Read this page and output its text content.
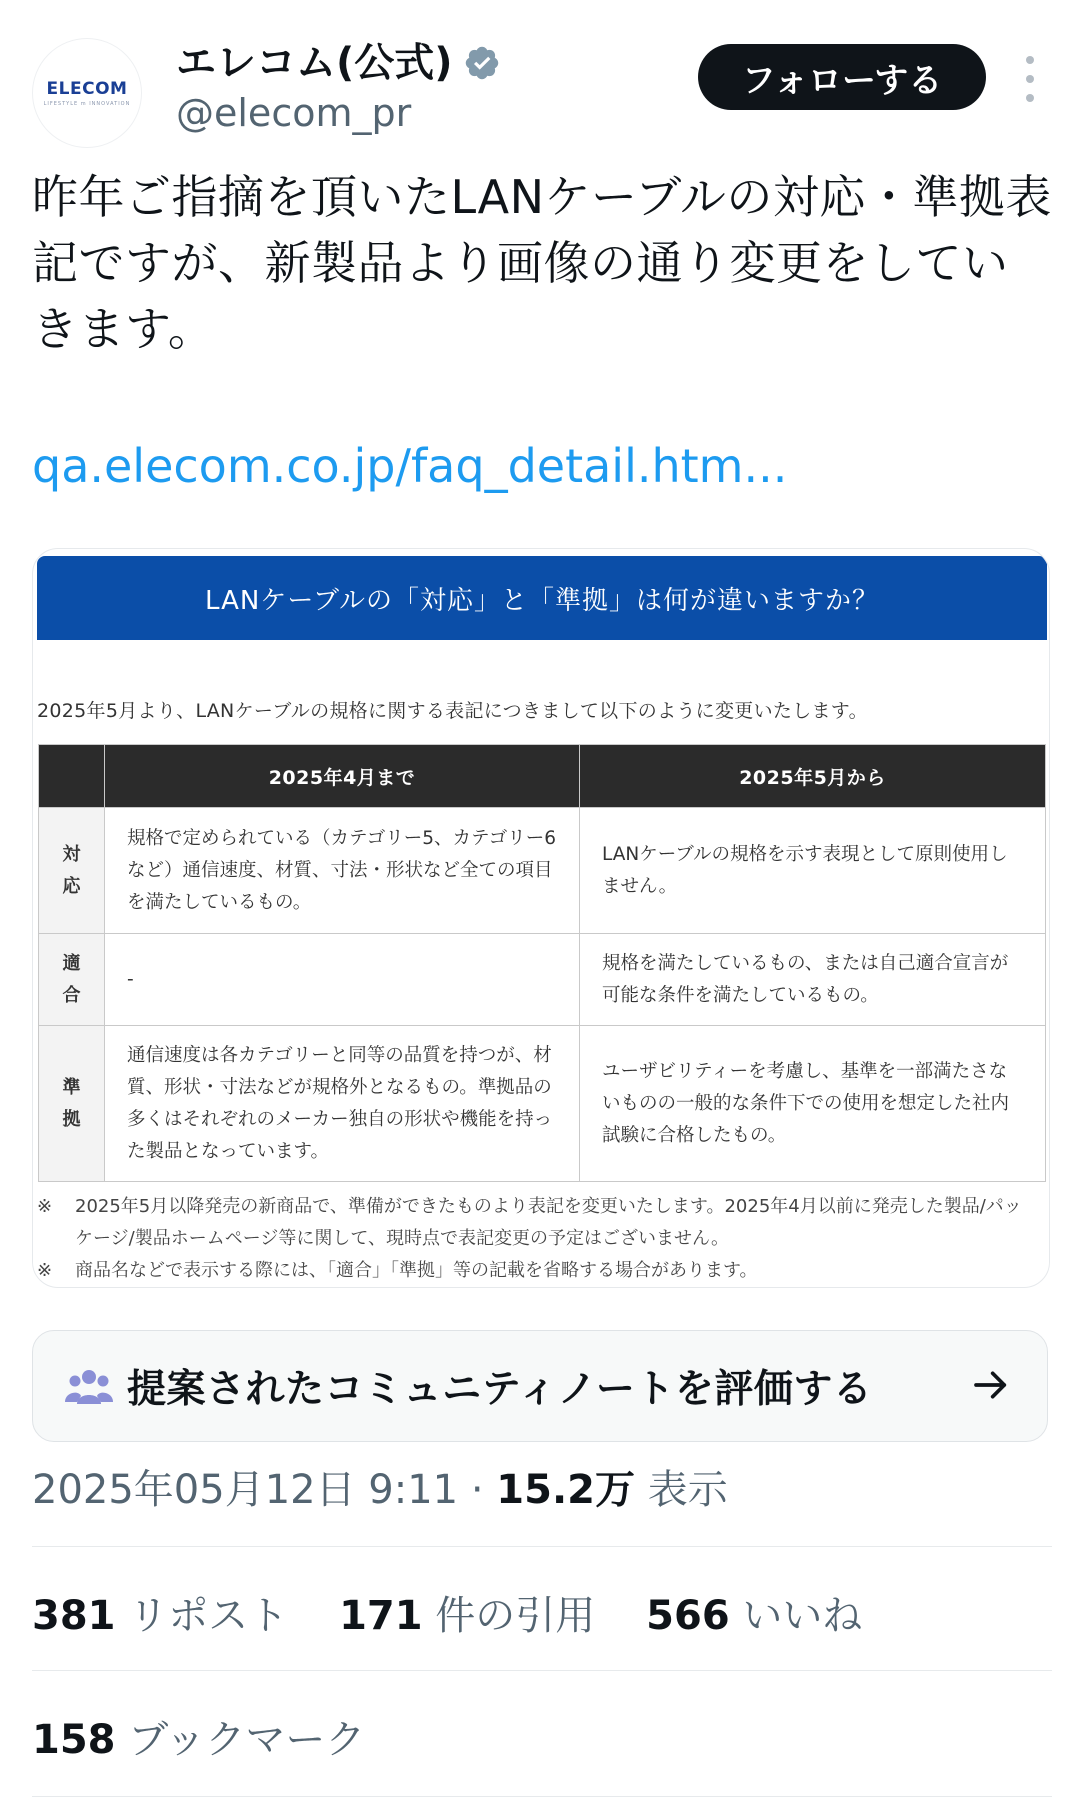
ELECOM
LIFESTYLE m INNOVATION
エレコム(公式)
@elecom_pr
フォローする
昨年ご指摘を頂いたLANケーブルの対応・準拠表記ですが、新製品より画像の通り変更をしていきます。
qa.elecom.co.jp/faq_detail.htm...
LANケーブルの「対応」と「準拠」は何が違いますか？
2025年5月より、LANケーブルの規格に関する表記につきまして以下のように変更いたします。
	2025年4月まで	2025年5月から
対
応	規格で定められている（カテゴリー5、カテゴリー6など）通信速度、材質、寸法・形状など全ての項目を満たしているもの。	LANケーブルの規格を示す表現として原則使用しません。
適
合	-	規格を満たしているもの、または自己適合宣言が可能な条件を満たしているもの。
準
拠	通信速度は各カテゴリーと同等の品質を持つが、材質、形状・寸法などが規格外となるもの。準拠品の多くはそれぞれのメーカー独自の形状や機能を持った製品となっています。	ユーザビリティーを考慮し、基準を一部満たさないものの一般的な条件下での使用を想定した社内試験に合格したもの。
※	2025年5月以降発売の新商品で、準備ができたものより表記を変更いたします。2025年4月以前に発売した製品/パッケージ/製品ホームページ等に関して、現時点で表記変更の予定はございません。
※	商品名などで表示する際には、「適合」「準拠」等の記載を省略する場合があります。
提案されたコミュニティノートを評価する
2025年05月12日 9:11 · 15.2万 表示
381 リポスト 171 件の引用 566 いいね
158 ブックマーク
